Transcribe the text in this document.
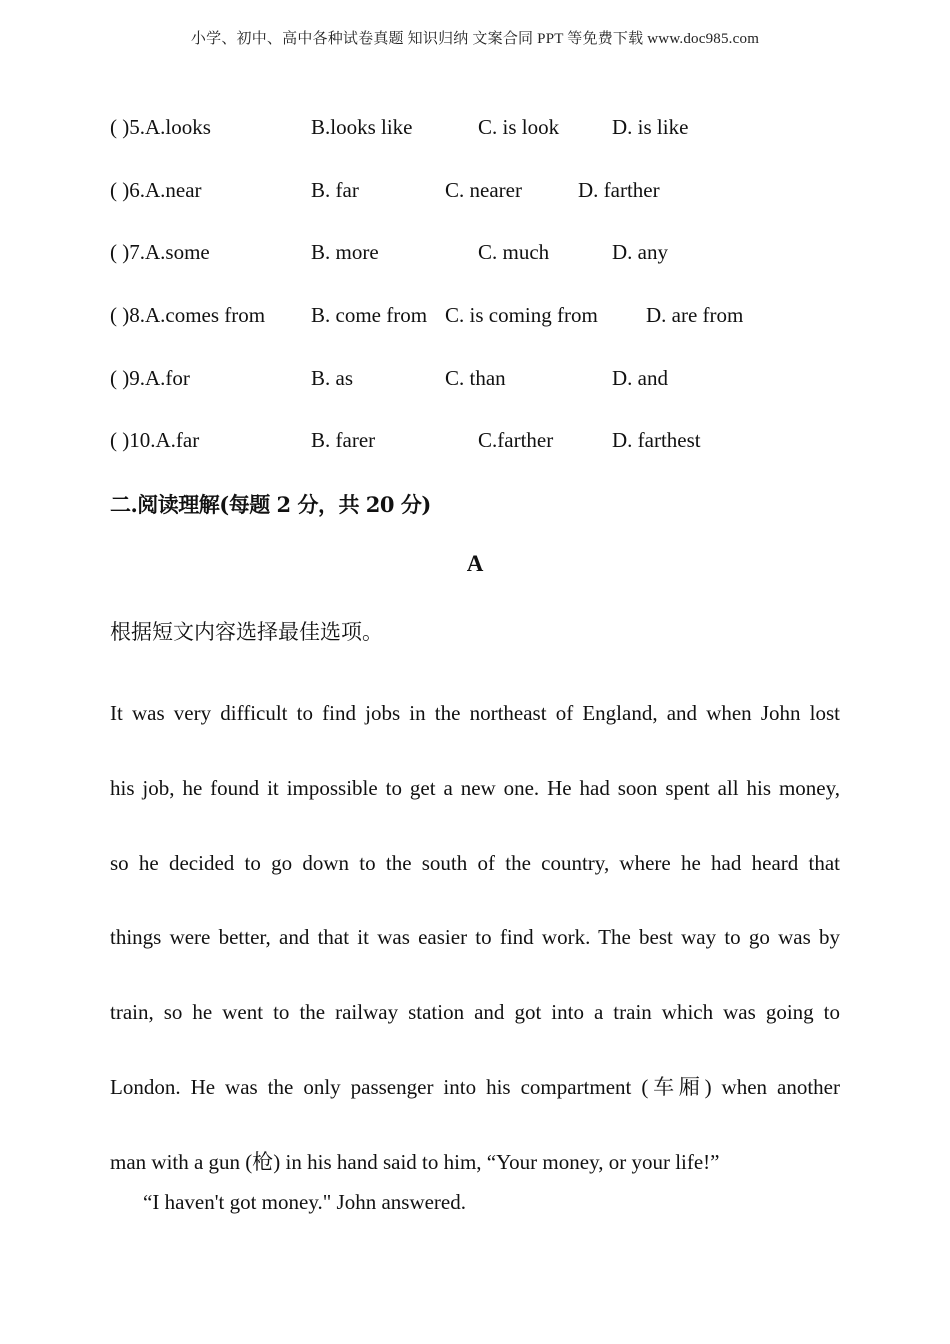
小学、初中、高中各种试卷真题 知识归纳 文案合同 PPT 等免费下载 www.doc985.com
( )5.A.looks	B.looks like	C. is look	D. is like
( )6.A.near	B. far	C. nearer	D. farther
( )7.A.some	B. more	C. much	D. any
( )8.A.comes from B. come from C. is coming from D. are from
( )9.A.for	B. as	C. than	D. and
( )10.A.far	B. farer	C.farther	D. farthest
二.阅读理解(每题 2 分，共 20 分)
A
根据短文内容选择最佳选项。
It was very difficult to find jobs in the northeast of England, and when John lost
his job, he found it impossible to get a new one. He had soon spent all his money,
so he decided to go down to the south of the country, where he had heard that
things were better, and that it was easier to find work. The best way to go was by
train, so he went to the railway station and got into a train which was going to
London. He was the only passenger into his compartment (车厢) when another
man with a gun (枪) in his hand said to him, “Your money, or your life!”
“I haven't got money." John answered.
